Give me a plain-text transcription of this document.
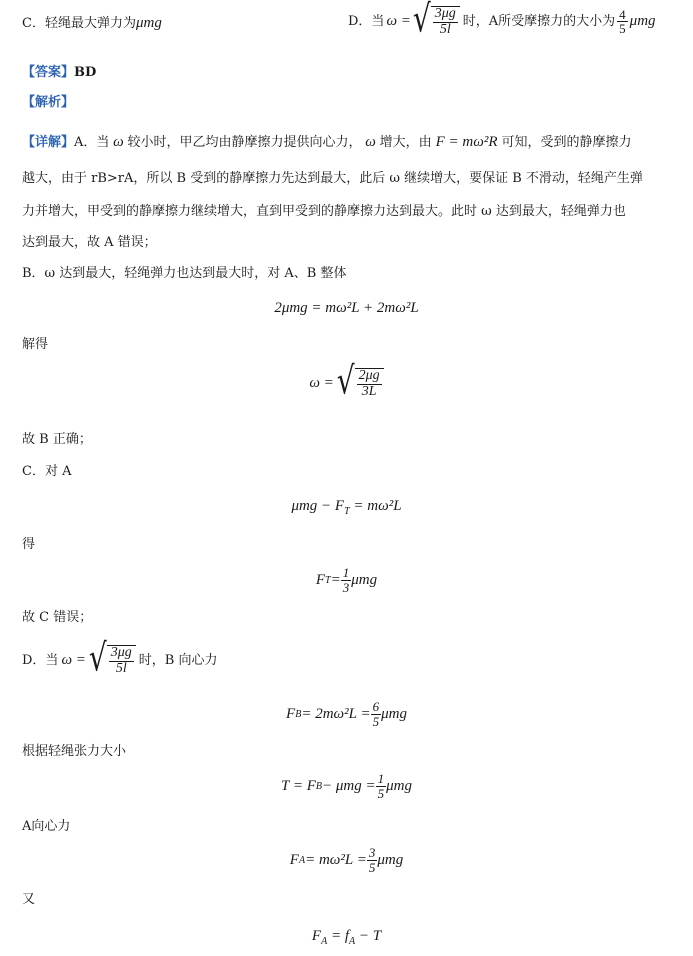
C．轻绳最大弹力为μmg	D．当 ω = √ $\frac{3\mu g}{5l}$ 时，A所受摩擦力的大小为 $\frac{4}{5}$ μmg
【答案】BD
【解析】
【详解】A．当 ω 较小时，甲乙均由静摩擦力提供向心力， ω 增大，由 F = mω²R 可知，受到的静摩擦力
越大，由于 rB>rA，所以 B 受到的静摩擦力先达到最大，此后 ω 继续增大，要保证 B 不滑动，轻绳产生弹
力并增大，甲受到的静摩擦力继续增大，直到甲受到的静摩擦力达到最大。此时 ω 达到最大，轻绳弹力也
达到最大，故 A 错误；
B．ω 达到最大，轻绳弹力也达到最大时，对 A、B 整体
2μmg = mω²L + 2mω²L
解得
ω = √ $\frac{2\mu g}{3L}$
故 B 正确；
C．对 A
$\mu mg - F_T = m\omega^2L$
得
F $T = \frac{1}{3}$ μmg
故 C 错误；
D．当 ω = √ $\frac{3\mu g}{5l}$ 时，B 向心力
F $B = 2m\omega^2L = \frac{6}{5}$ μmg
根据轻绳张力大小
T = F $B - \mu mg = \frac{1}{5}$ μmg
A向心力
F $A = m\omega^2L = \frac{3}{5}$ μmg
又
$F_A = f_A - T$
